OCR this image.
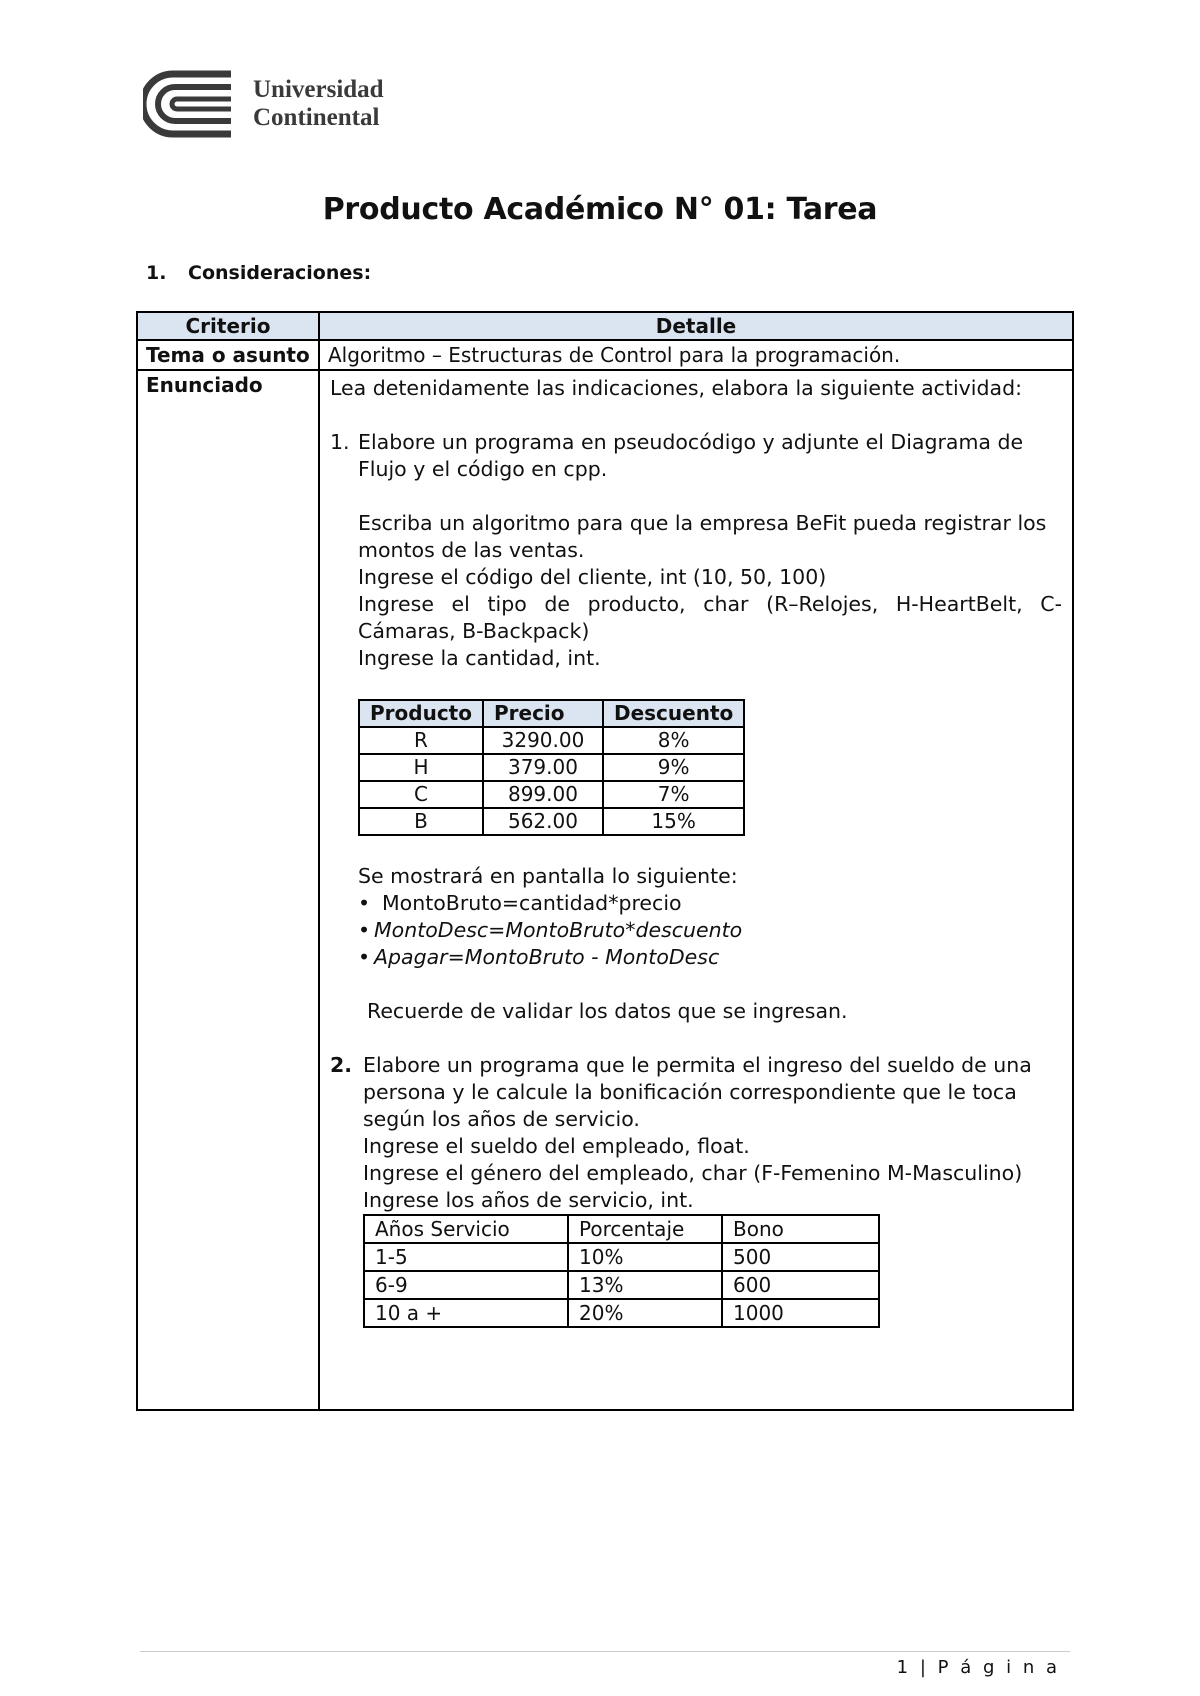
Universidad
Continental
Producto Académico N° 01: Tarea
1. Consideraciones:
Criterio	Detalle
Tema o asunto	Algoritmo – Estructuras de Control para la programación.
Enunciado	Lea detenidamente las indicaciones, elabora la siguiente actividad:

1. Elabore un programa en pseudocódigo y adjunte el Diagrama de Flujo y el código en cpp.

Escriba un algoritmo para que la empresa BeFit pueda registrar los montos de las ventas.

Ingrese el código del cliente, int (10, 50, 100)

Ingrese el tipo de producto, char (R–Relojes, H-HeartBelt, C-Cámaras, B-Backpack)

Ingrese la cantidad, int.

Producto	Precio	Descuento
R	3290.00	8%
H	379.00	9%
C	899.00	7%
B	562.00	15%

Se mostrará en pantalla lo siguiente:

• MontoBruto=cantidad*precio
• MontoDesc=MontoBruto*descuento
• Apagar=MontoBruto - MontoDesc

Recuerde de validar los datos que se ingresan.

2. Elabore un programa que le permita el ingreso del sueldo de una persona y le calcule la bonificación correspondiente que le toca según los años de servicio.

Ingrese el sueldo del empleado, float.

Ingrese el género del empleado, char (F-Femenino M-Masculino)

Ingrese los años de servicio, int.

Años Servicio	Porcentaje	Bono
1-5	10%	500
6-9	13%	600
10 a +	20%	1000
1 | P á g i n a
